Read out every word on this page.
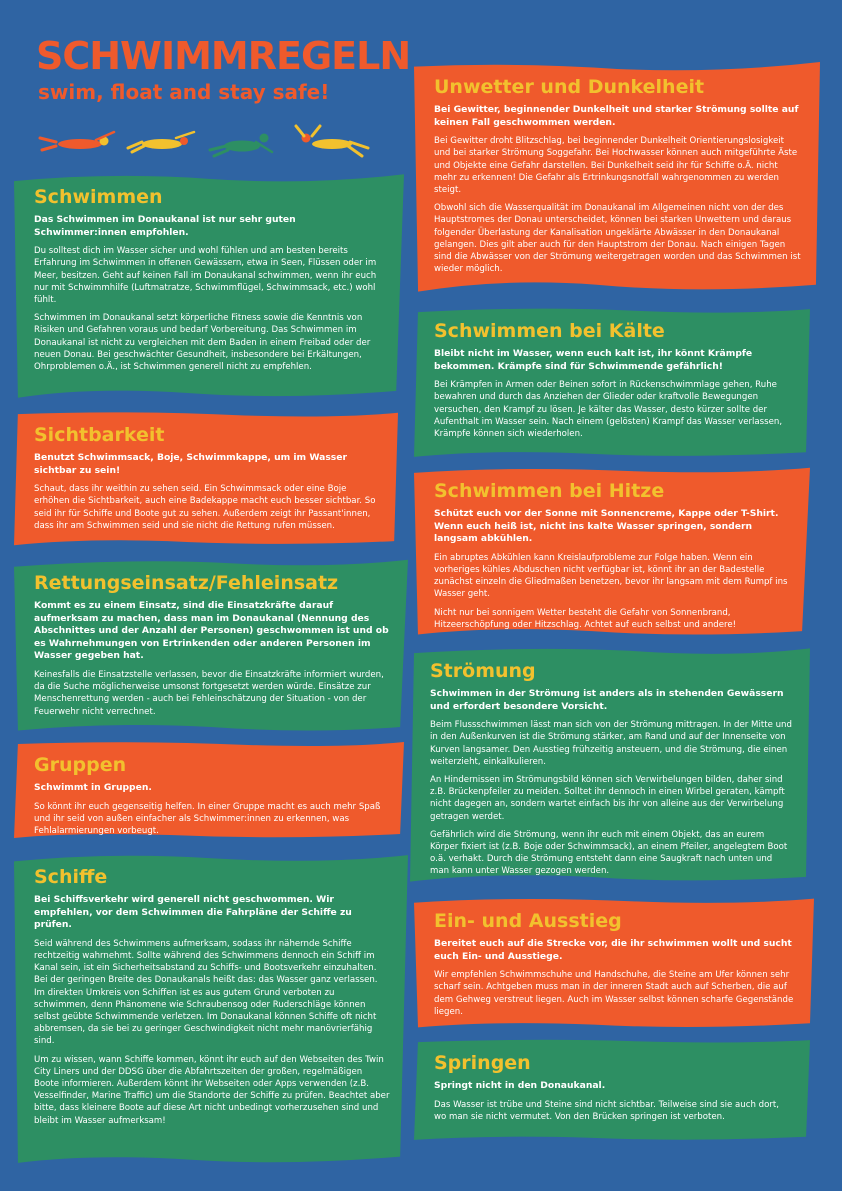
SCHWIMMREGELN
swim, float and stay safe!
Schwimmen

Das Schwimmen im Donaukanal ist nur sehr guten Schwimmer:innen empfohlen.

Du solltest dich im Wasser sicher und wohl fühlen und am besten bereits Erfahrung im Schwimmen in offenen Gewässern, etwa in Seen, Flüssen oder im Meer, besitzen. Geht auf keinen Fall im Donaukanal schwimmen, wenn ihr euch nur mit Schwimmhilfe (Luftmatratze, Schwimmflügel, Schwimmsack, etc.) wohl fühlt.

Schwimmen im Donaukanal setzt körperliche Fitness sowie die Kenntnis von Risiken und Gefahren voraus und bedarf Vorbereitung. Das Schwimmen im Donaukanal ist nicht zu vergleichen mit dem Baden in einem Freibad oder der neuen Donau. Bei geschwächter Gesundheit, insbesondere bei Erkältungen, Ohrproblemen o.Ä., ist Schwimmen generell nicht zu empfehlen.

Sichtbarkeit

Benutzt Schwimmsack, Boje, Schwimmkappe, um im Wasser sichtbar zu sein!

Schaut, dass ihr weithin zu sehen seid. Ein Schwimmsack oder eine Boje erhöhen die Sichtbarkeit, auch eine Badekappe macht euch besser sichtbar. So seid ihr für Schiffe und Boote gut zu sehen. Außerdem zeigt ihr Passant'innen, dass ihr am Schwimmen seid und sie nicht die Rettung rufen müssen.

Rettungseinsatz/Fehleinsatz

Kommt es zu einem Einsatz, sind die Einsatzkräfte darauf aufmerksam zu machen, dass man im Donaukanal (Nennung des Abschnittes und der Anzahl der Personen) geschwommen ist und ob es Wahrnehmungen von Ertrinkenden oder anderen Personen im Wasser gegeben hat.

Keinesfalls die Einsatzstelle verlassen, bevor die Einsatzkräfte informiert wurden, da die Suche möglicherweise umsonst fortgesetzt werden würde. Einsätze zur Menschenrettung werden - auch bei Fehleinschätzung der Situation - von der Feuerwehr nicht verrechnet.

Gruppen

Schwimmt in Gruppen.

So könnt ihr euch gegenseitig helfen. In einer Gruppe macht es auch mehr Spaß und ihr seid von außen einfacher als Schwimmer:innen zu erkennen, was Fehlalarmierungen vorbeugt.

Schiffe

Bei Schiffsverkehr wird generell nicht geschwommen. Wir empfehlen, vor dem Schwimmen die Fahrpläne der Schiffe zu prüfen.

Seid während des Schwimmens aufmerksam, sodass ihr nähernde Schiffe rechtzeitig wahrnehmt. Sollte während des Schwimmens dennoch ein Schiff im Kanal sein, ist ein Sicherheitsabstand zu Schiffs- und Bootsverkehr einzuhalten. Bei der geringen Breite des Donaukanals heißt das: das Wasser ganz verlassen. Im direkten Umkreis von Schiffen ist es aus gutem Grund verboten zu schwimmen, denn Phänomene wie Schraubensog oder Ruderschläge können selbst geübte Schwimmende verletzen. Im Donaukanal können Schiffe oft nicht abbremsen, da sie bei zu geringer Geschwindigkeit nicht mehr manövrierfähig sind.

Um zu wissen, wann Schiffe kommen, könnt ihr euch auf den Webseiten des Twin City Liners und der DDSG über die Abfahrtszeiten der großen, regelmäßigen Boote informieren. Außerdem könnt ihr Webseiten oder Apps verwenden (z.B. Vesselfinder, Marine Traffic) um die Standorte der Schiffe zu prüfen. Beachtet aber bitte, dass kleinere Boote auf diese Art nicht unbedingt vorherzusehen sind und bleibt im Wasser aufmerksam!

Unwetter und Dunkelheit

Bei Gewitter, beginnender Dunkelheit und starker Strömung sollte auf keinen Fall geschwommen werden.

Bei Gewitter droht Blitzschlag, bei beginnender Dunkelheit Orientierungslosigkeit und bei starker Strömung Soggefahr. Bei Hochwasser können auch mitgeführte Äste und Objekte eine Gefahr darstellen. Bei Dunkelheit seid ihr für Schiffe o.Ä. nicht mehr zu erkennen! Die Gefahr als Ertrinkungsnotfall wahrgenommen zu werden steigt.

Obwohl sich die Wasserqualität im Donaukanal im Allgemeinen nicht von der des Hauptstromes der Donau unterscheidet, können bei starken Unwettern und daraus folgender Überlastung der Kanalisation ungeklärte Abwässer in den Donaukanal gelangen. Dies gilt aber auch für den Hauptstrom der Donau. Nach einigen Tagen sind die Abwässer von der Strömung weitergetragen worden und das Schwimmen ist wieder möglich.

Schwimmen bei Kälte

Bleibt nicht im Wasser, wenn euch kalt ist, ihr könnt Krämpfe bekommen. Krämpfe sind für Schwimmende gefährlich!

Bei Krämpfen in Armen oder Beinen sofort in Rückenschwimmlage gehen, Ruhe bewahren und durch das Anziehen der Glieder oder kraftvolle Bewegungen versuchen, den Krampf zu lösen. Je kälter das Wasser, desto kürzer sollte der Aufenthalt im Wasser sein. Nach einem (gelösten) Krampf das Wasser verlassen, Krämpfe können sich wiederholen.

Schwimmen bei Hitze

Schützt euch vor der Sonne mit Sonnencreme, Kappe oder T-Shirt. Wenn euch heiß ist, nicht ins kalte Wasser springen, sondern langsam abkühlen.

Ein abruptes Abkühlen kann Kreislaufprobleme zur Folge haben. Wenn ein vorheriges kühles Abduschen nicht verfügbar ist, könnt ihr an der Badestelle zunächst einzeln die Gliedmaßen benetzen, bevor ihr langsam mit dem Rumpf ins Wasser geht.

Nicht nur bei sonnigem Wetter besteht die Gefahr von Sonnenbrand, Hitzeerschöpfung oder Hitzschlag. Achtet auf euch selbst und andere!

Strömung

Schwimmen in der Strömung ist anders als in stehenden Gewässern und erfordert besondere Vorsicht.

Beim Flussschwimmen lässt man sich von der Strömung mittragen. In der Mitte und in den Außenkurven ist die Strömung stärker, am Rand und auf der Innenseite von Kurven langsamer. Den Ausstieg frühzeitig ansteuern, und die Strömung, die einen weiterzieht, einkalkulieren.

An Hindernissen im Strömungsbild können sich Verwirbelungen bilden, daher sind z.B. Brückenpfeiler zu meiden. Solltet ihr dennoch in einen Wirbel geraten, kämpft nicht dagegen an, sondern wartet einfach bis ihr von alleine aus der Verwirbelung getragen werdet.

Gefährlich wird die Strömung, wenn ihr euch mit einem Objekt, das an eurem Körper fixiert ist (z.B. Boje oder Schwimmsack), an einem Pfeiler, angelegtem Boot o.ä. verhakt. Durch die Strömung entsteht dann eine Saugkraft nach unten und man kann unter Wasser gezogen werden.

Ein- und Ausstieg

Bereitet euch auf die Strecke vor, die ihr schwimmen wollt und sucht euch Ein- und Ausstiege.

Wir empfehlen Schwimmschuhe und Handschuhe, die Steine am Ufer können sehr scharf sein. Achtgeben muss man in der inneren Stadt auch auf Scherben, die auf dem Gehweg verstreut liegen. Auch im Wasser selbst können scharfe Gegenstände liegen.

Springen

Springt nicht in den Donaukanal.

Das Wasser ist trübe und Steine sind nicht sichtbar. Teilweise sind sie auch dort, wo man sie nicht vermutet. Von den Brücken springen ist verboten.
